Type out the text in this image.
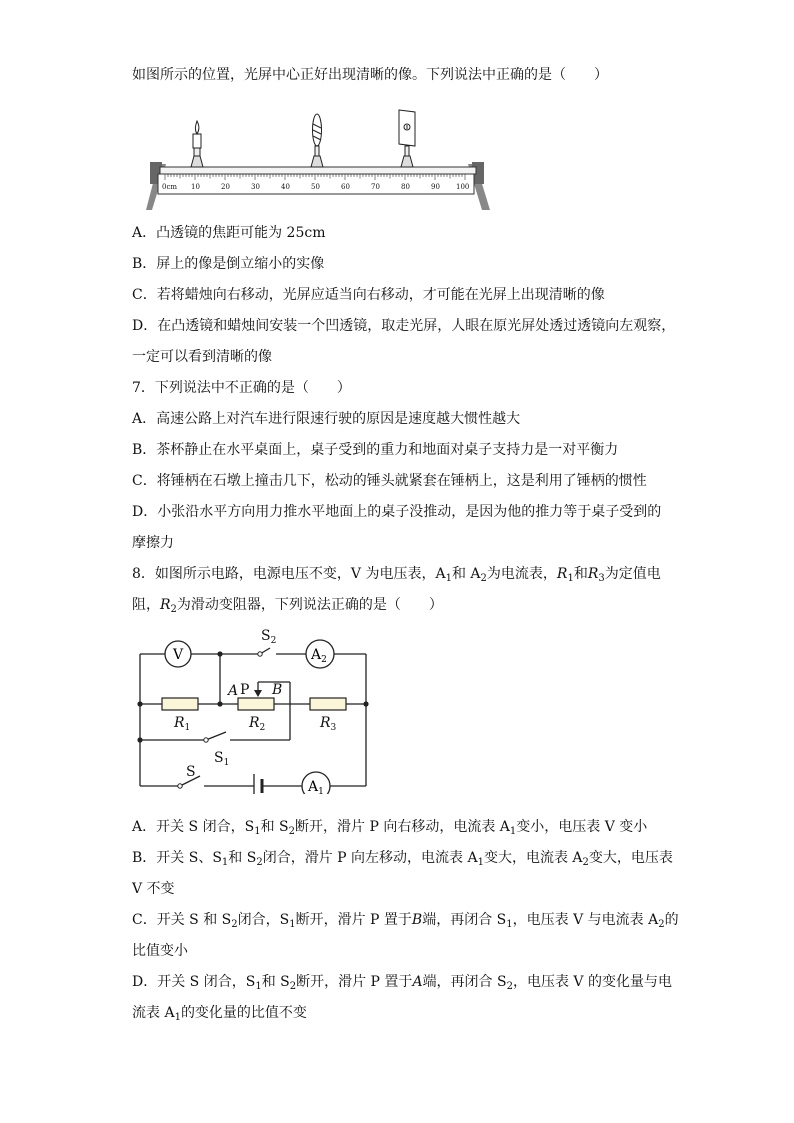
如图所示的位置，光屏中心正好出现清晰的像。下列说法中正确的是（　　）
0cm 10	20	30	40	50	60	70	80	90 100
A．凸透镜的焦距可能为 25cm
B．屏上的像是倒立缩小的实像
C．若将蜡烛向右移动，光屏应适当向右移动，才可能在光屏上出现清晰的像
D．在凸透镜和蜡烛间安装一个凹透镜，取走光屏，人眼在原光屏处透过透镜向左观察，
一定可以看到清晰的像
7．下列说法中不正确的是（　　）
A．高速公路上对汽车进行限速行驶的原因是速度越大惯性越大
B．茶杯静止在水平桌面上，桌子受到的重力和地面对桌子支持力是一对平衡力
C．将锤柄在石墩上撞击几下，松动的锤头就紧套在锤柄上，这是利用了锤柄的惯性
D．小张沿水平方向用力推水平地面上的桌子没推动，是因为他的推力等于桌子受到的
摩擦力
8．如图所示电路，电源电压不变，V 为电压表，$A_1$和 $A_2$为电流表，$R_1$和$R_3$为定值电
阻，$R_2$为滑动变阻器，下列说法正确的是（　　）
V	$A_2$
$A_1$
$S_2$
A P B
$R_1$	$R_2$	$R_3$
$S_1$
S
A．开关 S 闭合，$S_1$和 $S_2$断开，滑片 P 向右移动，电流表 $A_1$变小，电压表 V 变小
B．开关 S、$S_1$和 $S_2$闭合，滑片 P 向左移动，电流表 $A_1$变大，电流表 $A_2$变大，电压表
V 不变
C．开关 S 和 $S_2$闭合，$S_1$断开，滑片 P 置于B端，再闭合 $S_1$，电压表 V 与电流表 $A_2$的
比值变小
D．开关 S 闭合，$S_1$和 $S_2$断开，滑片 P 置于A端，再闭合 $S_2$，电压表 V 的变化量与电
流表 $A_1$的变化量的比值不变
